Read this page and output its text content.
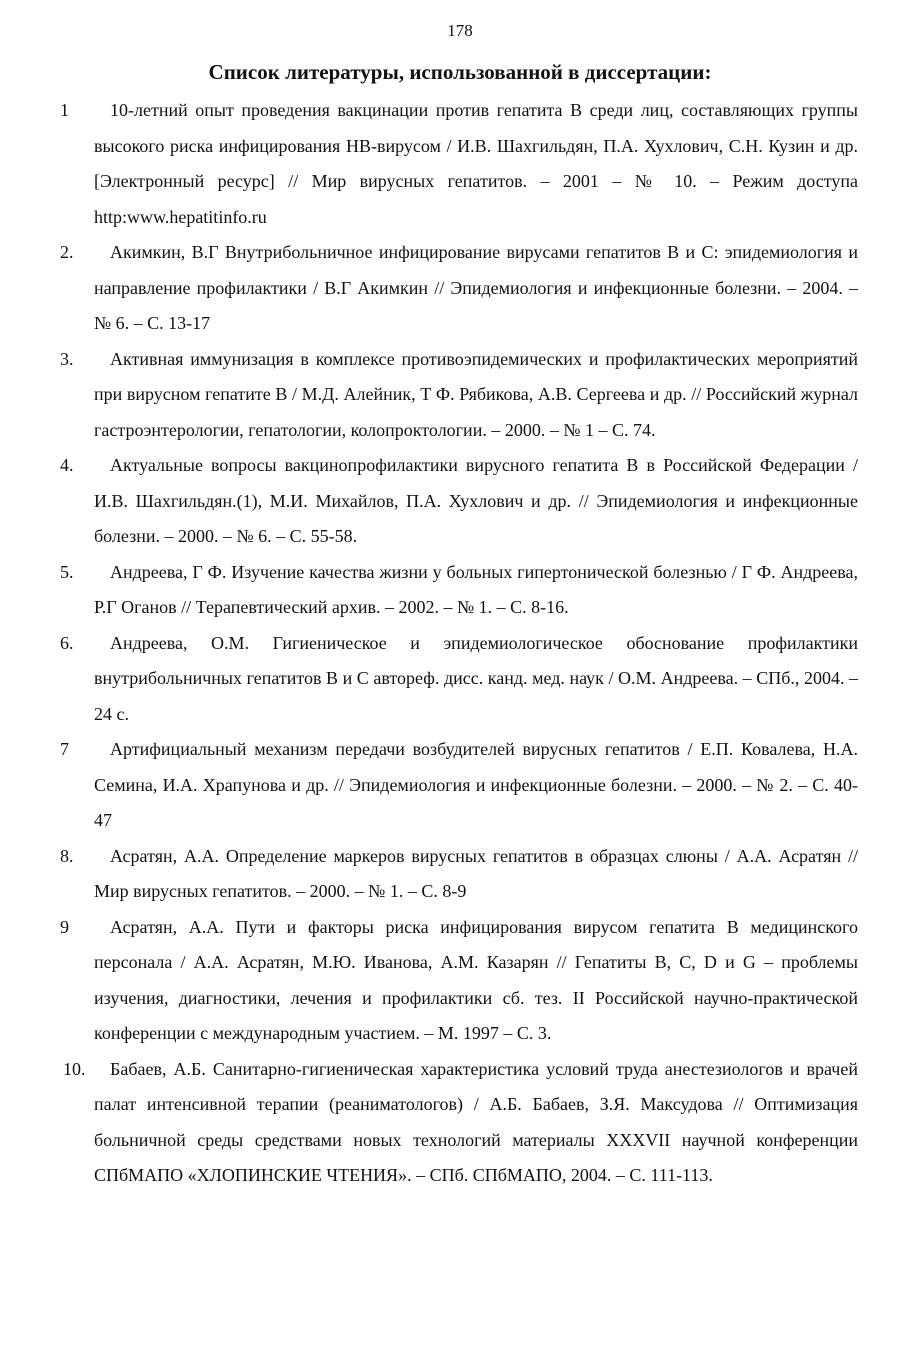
178
Список литературы, использованной в диссертации:
1	10-летний опыт проведения вакцинации против гепатита В среди лиц, составляющих группы высокого риска инфицирования НВ-вирусом / И.В. Шахгильдян, П.А. Хухлович, С.Н. Кузин и др. [Электронный ресурс] // Мир вирусных гепатитов. – 2001 – № 10. – Режим доступа http:www.hepatitinfo.ru
2.	Акимкин, В.Г Внутрибольничное инфицирование вирусами гепатитов В и С: эпидемиология и направление профилактики / В.Г Акимкин // Эпидемиология и инфекционные болезни. – 2004. – № 6. – С. 13-17
3.	Активная иммунизация в комплексе противоэпидемических и профилактических мероприятий при вирусном гепатите В / М.Д. Алейник, Т Ф. Рябикова, А.В. Сергеева и др. // Российский журнал гастроэнтерологии, гепатологии, колопроктологии. – 2000. – № 1 – С. 74.
4.	Актуальные вопросы вакцинопрофилактики вирусного гепатита В в Российской Федерации / И.В. Шахгильдян.(1), М.И. Михайлов, П.А. Хухлович и др. // Эпидемиология и инфекционные болезни. – 2000. – № 6. – С. 55-58.
5.	Андреева, Г Ф. Изучение качества жизни у больных гипертонической болезнью / Г Ф. Андреева, Р.Г Оганов // Терапевтический архив. – 2002. – № 1. – С. 8-16.
6.	Андреева, О.М. Гигиеническое и эпидемиологическое обоснование профилактики внутрибольничных гепатитов В и С автореф. дисс. канд. мед. наук / О.М. Андреева. – СПб., 2004. – 24 с.
7	Артифициальный механизм передачи возбудителей вирусных гепатитов / Е.П. Ковалева, Н.А. Семина, И.А. Храпунова и др. // Эпидемиология и инфекционные болезни. – 2000. – № 2. – С. 40-47
8.	Асратян, А.А. Определение маркеров вирусных гепатитов в образцах слюны / А.А. Асратян // Мир вирусных гепатитов. – 2000. – № 1. – С. 8-9
9	Асратян, А.А. Пути и факторы риска инфицирования вирусом гепатита В медицинского персонала / А.А. Асратян, М.Ю. Иванова, А.М. Казарян // Гепатиты В, С, D и G – проблемы изучения, диагностики, лечения и профилактики сб. тез. II Российской научно-практической конференции с международным участием. – М. 1997 – С. 3.
10.	Бабаев, А.Б. Санитарно-гигиеническая характеристика условий труда анестезиологов и врачей палат интенсивной терапии (реаниматологов) / А.Б. Бабаев, З.Я. Максудова // Оптимизация больничной среды средствами новых технологий материалы XXXVII научной конференции СПбМАПО «ХЛОПИНСКИЕ ЧТЕНИЯ». – СПб. СПбМАПО, 2004. – С. 111-113.
